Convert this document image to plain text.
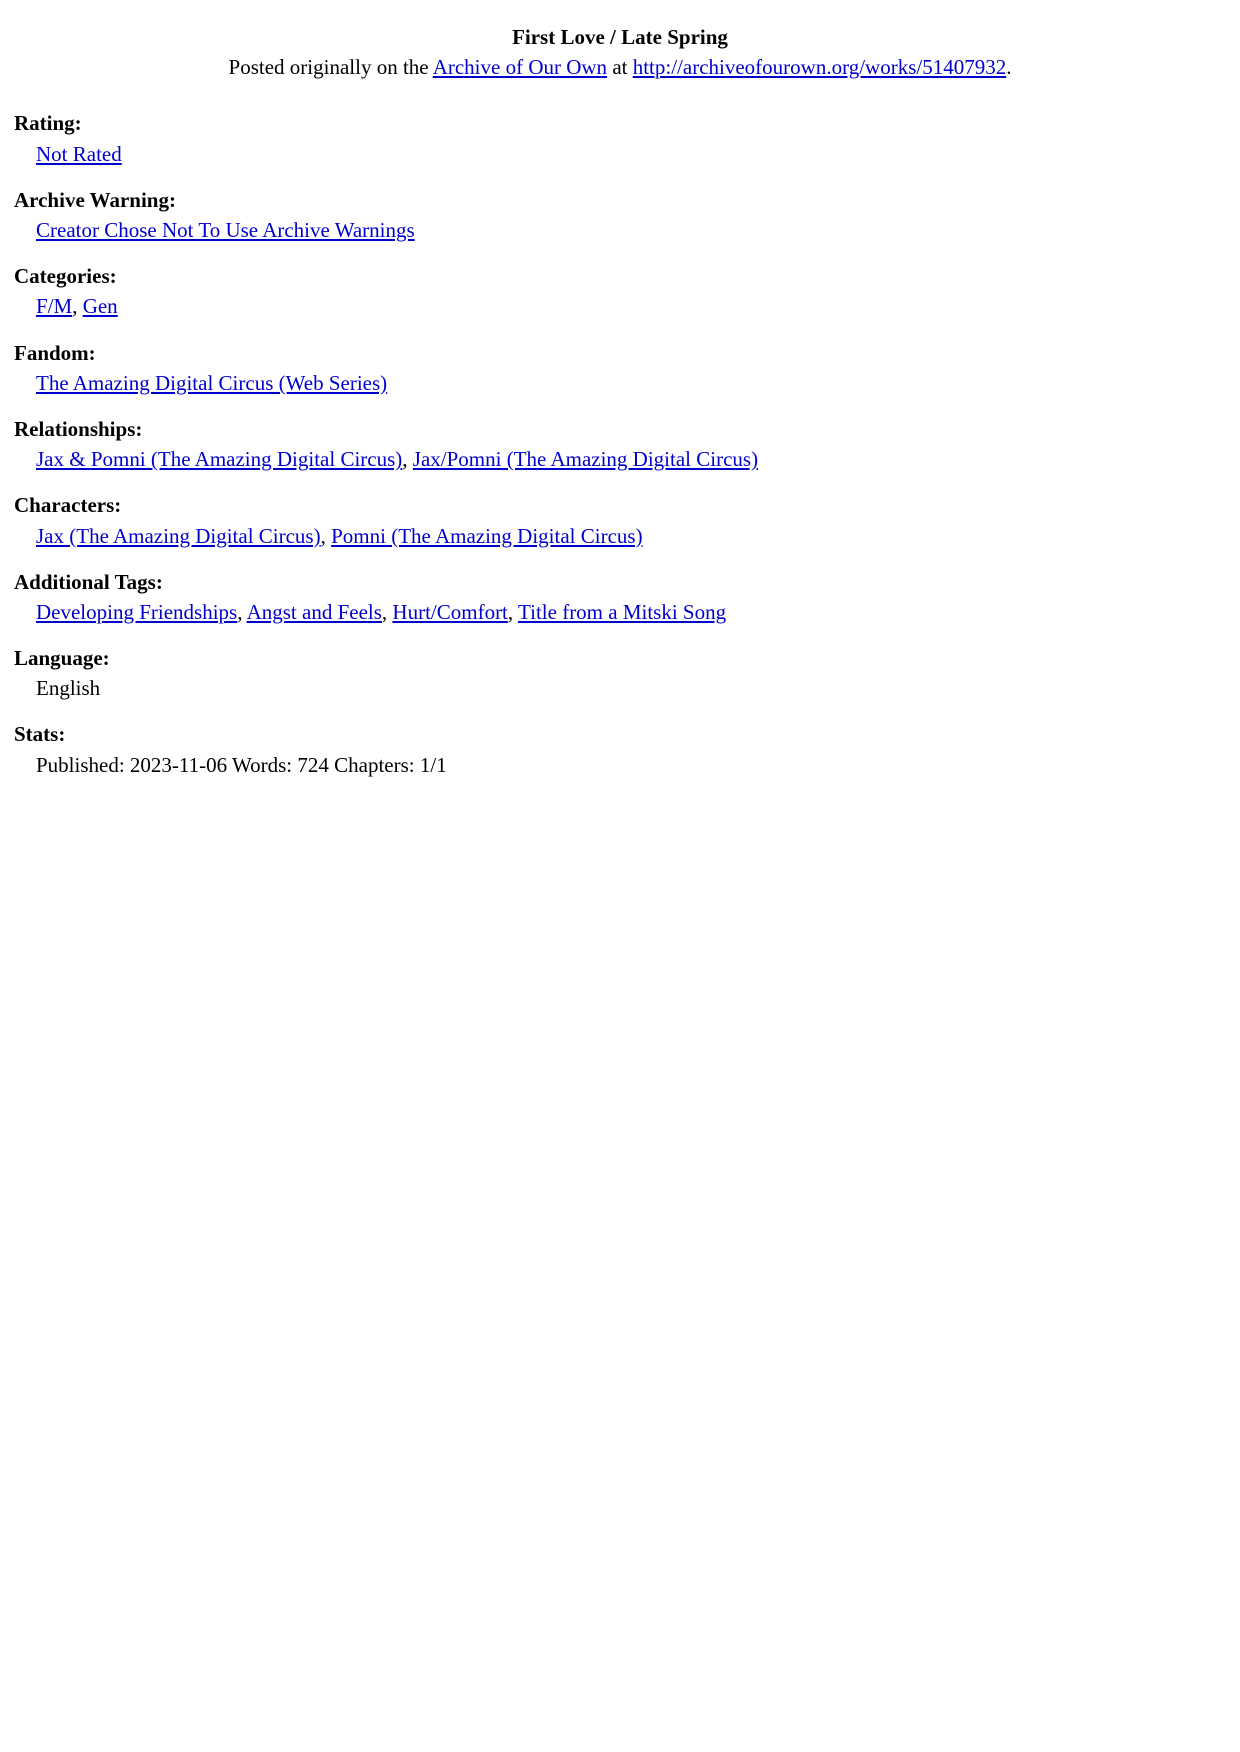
First Love / Late Spring
Posted originally on the Archive of Our Own at http://archiveofourown.org/works/51407932.
Rating:
Not Rated
Archive Warning:
Creator Chose Not To Use Archive Warnings
Categories:
F/M, Gen
Fandom:
The Amazing Digital Circus (Web Series)
Relationships:
Jax & Pomni (The Amazing Digital Circus), Jax/Pomni (The Amazing Digital Circus)
Characters:
Jax (The Amazing Digital Circus), Pomni (The Amazing Digital Circus)
Additional Tags:
Developing Friendships, Angst and Feels, Hurt/Comfort, Title from a Mitski Song
Language:
English
Stats:
Published: 2023-11-06 Words: 724 Chapters: 1/1
